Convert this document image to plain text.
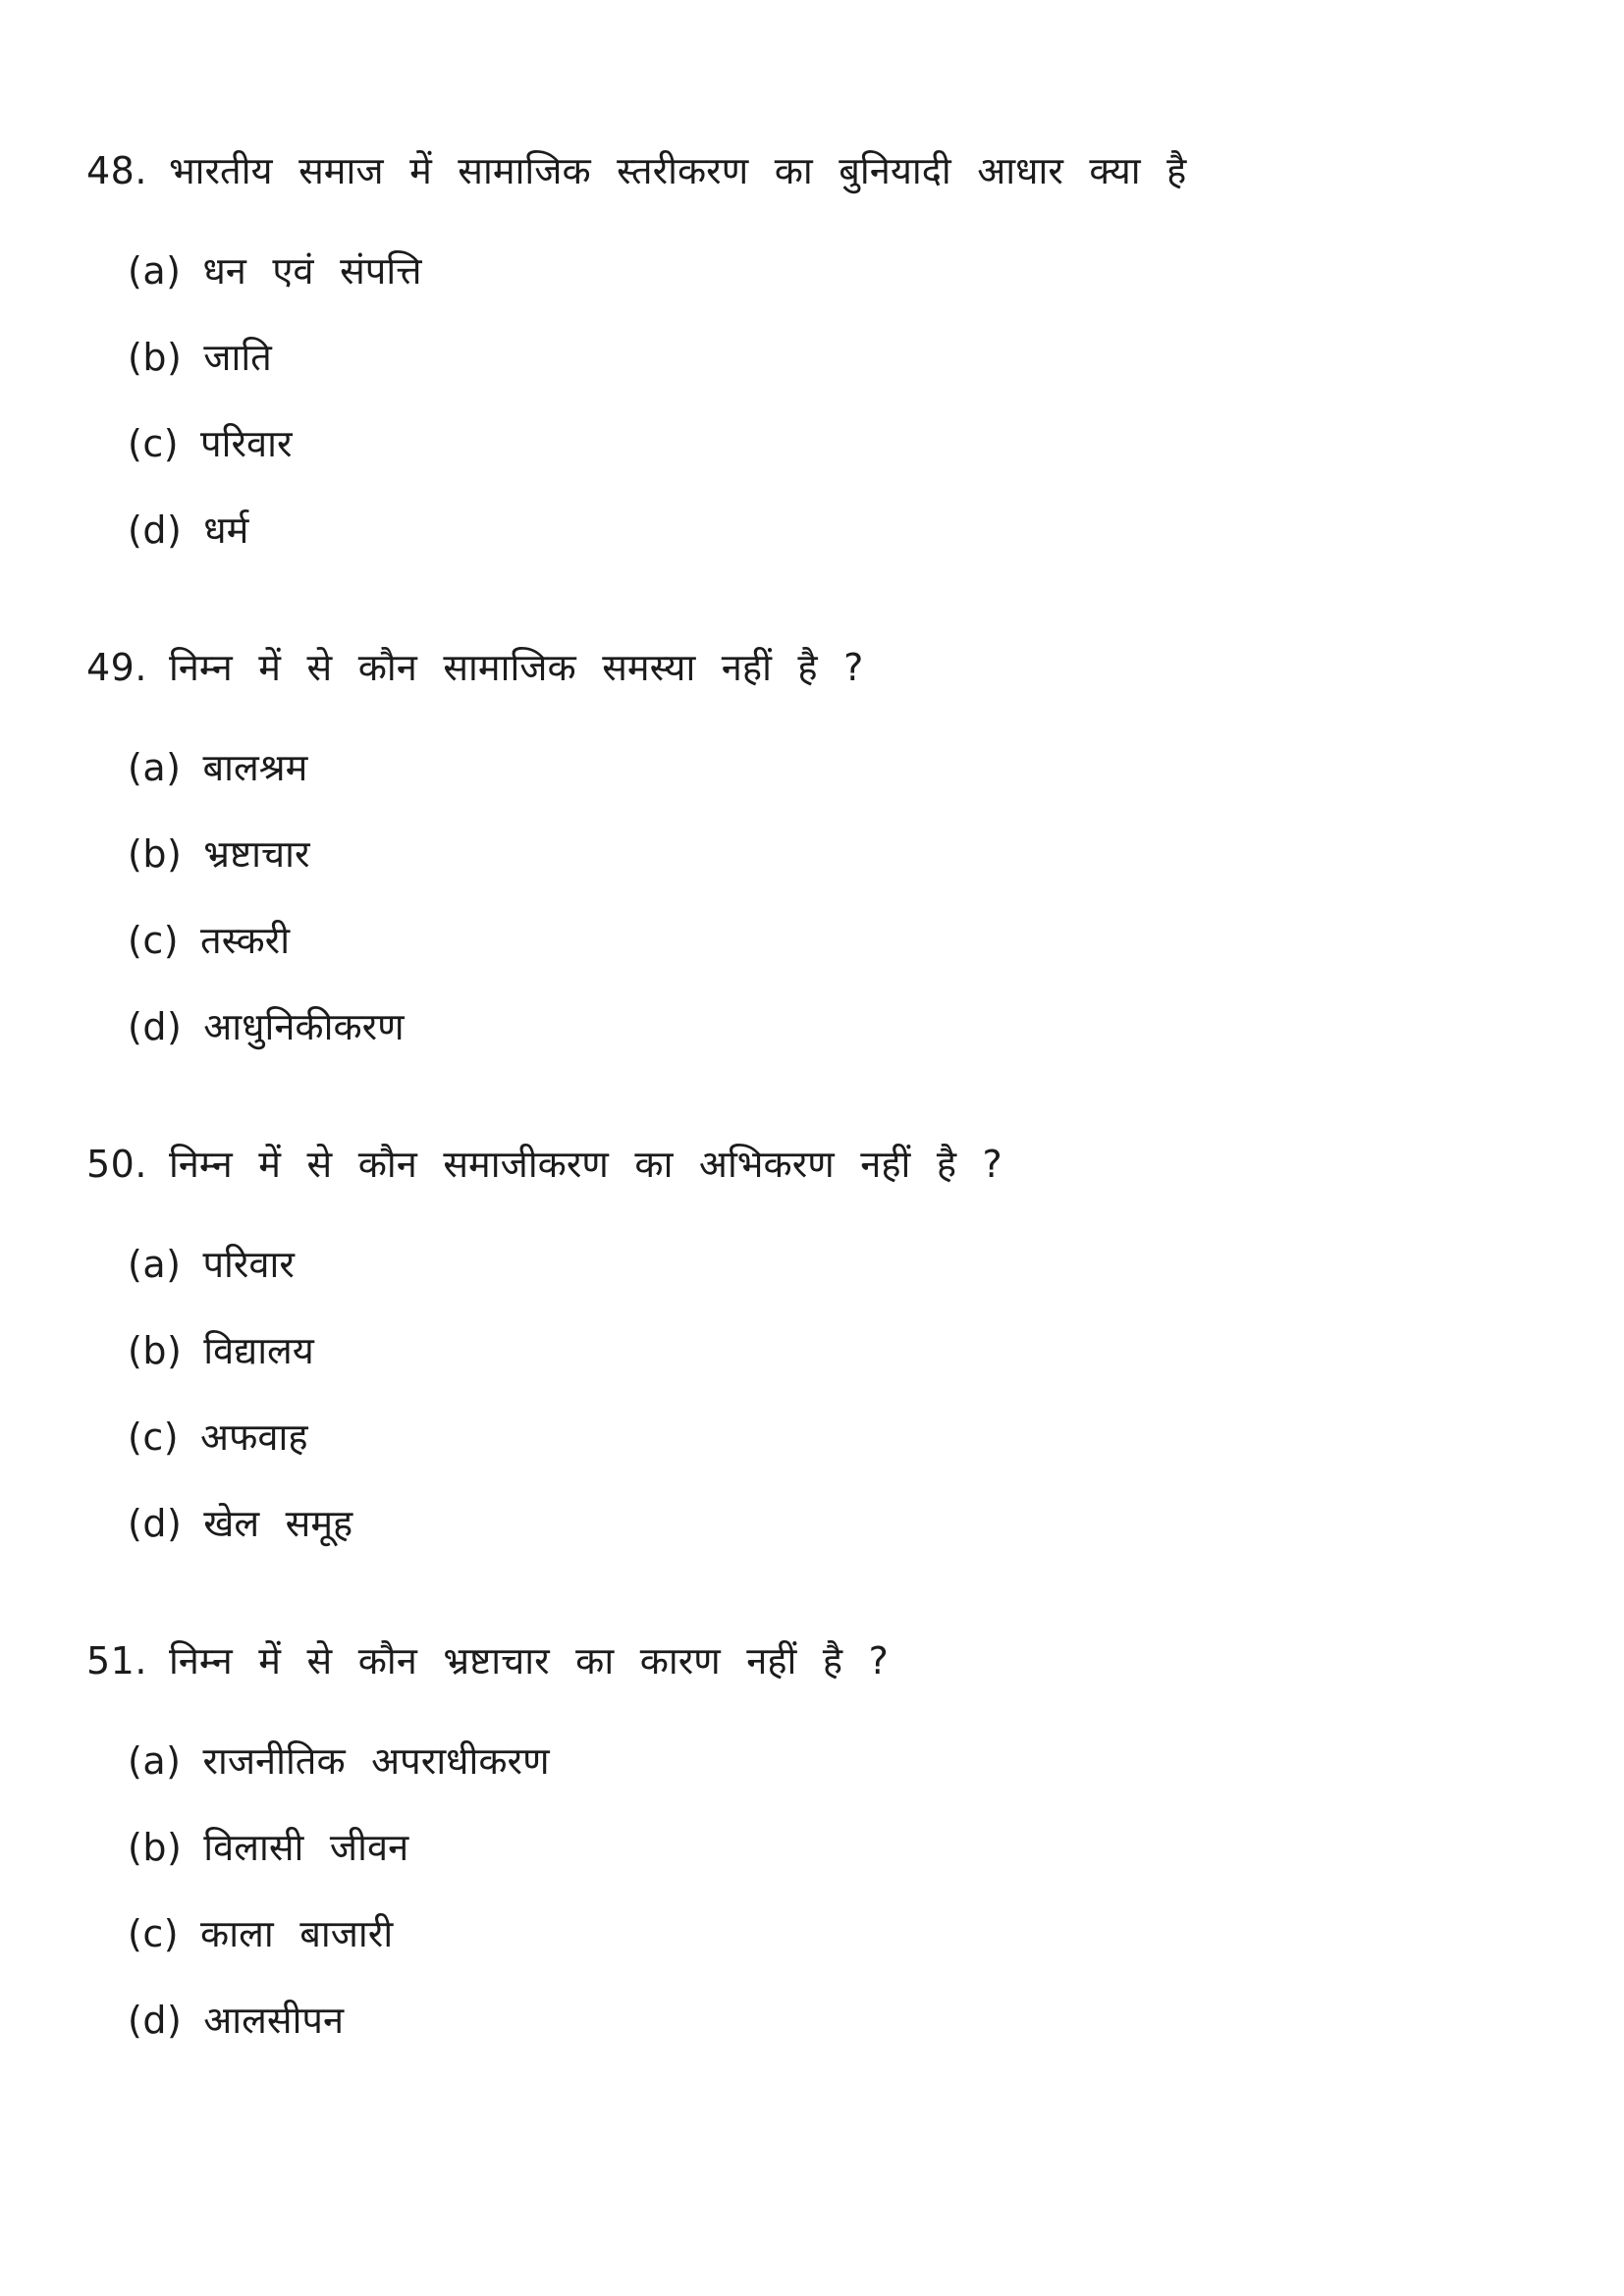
48. भारतीय समाज में सामाजिक स्तरीकरण का बुनियादी आधार क्या है
(a) धन एवं संपत्ति
(b) जाति
(c) परिवार
(d) धर्म
49. निम्न में से कौन सामाजिक समस्या नहीं है ?
(a) बालश्रम
(b) भ्रष्टाचार
(c) तस्करी
(d) आधुनिकीकरण
50. निम्न में से कौन समाजीकरण का अभिकरण नहीं है ?
(a) परिवार
(b) विद्यालय
(c) अफवाह
(d) खेल समूह
51. निम्न में से कौन भ्रष्टाचार का कारण नहीं है ?
(a) राजनीतिक अपराधीकरण
(b) विलासी जीवन
(c) काला बाजारी
(d) आलसीपन
